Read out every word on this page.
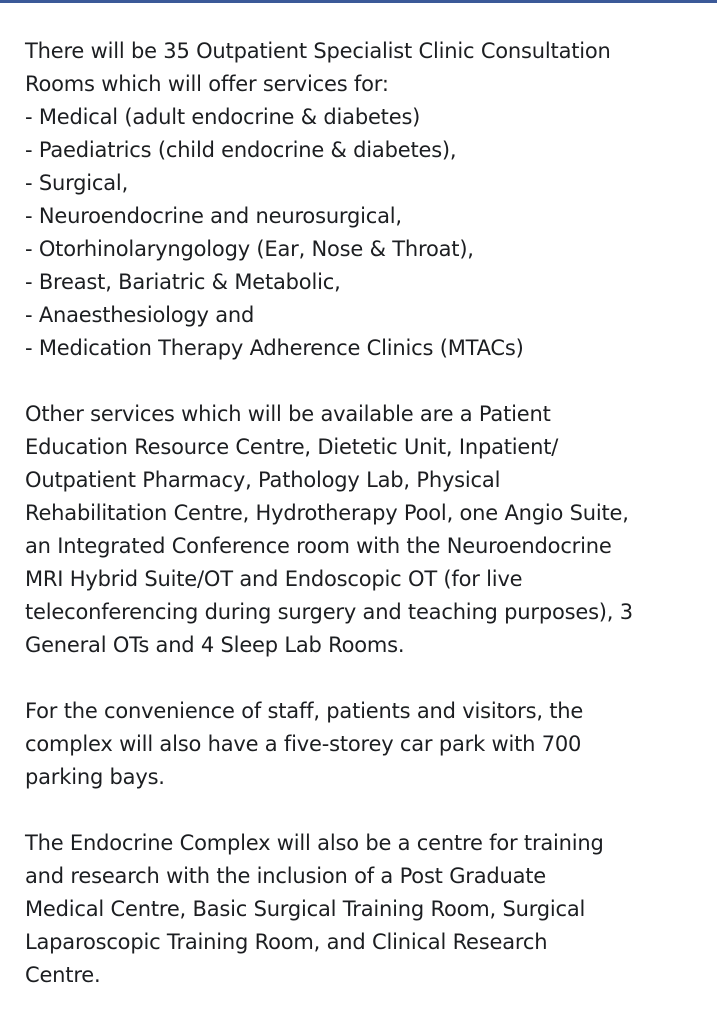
There will be 35 Outpatient Specialist Clinic Consultation
Rooms which will offer services for:
- Medical (adult endocrine & diabetes)
- Paediatrics (child endocrine & diabetes),
- Surgical,
- Neuroendocrine and neurosurgical,
- Otorhinolaryngology (Ear, Nose & Throat),
- Breast, Bariatric & Metabolic,
- Anaesthesiology and
- Medication Therapy Adherence Clinics (MTACs)

Other services which will be available are a Patient
Education Resource Centre, Dietetic Unit, Inpatient/
Outpatient Pharmacy, Pathology Lab, Physical
Rehabilitation Centre, Hydrotherapy Pool, one Angio Suite,
an Integrated Conference room with the Neuroendocrine
MRI Hybrid Suite/OT and Endoscopic OT (for live
teleconferencing during surgery and teaching purposes), 3
General OTs and 4 Sleep Lab Rooms.

For the convenience of staff, patients and visitors, the
complex will also have a five-storey car park with 700
parking bays.

The Endocrine Complex will also be a centre for training
and research with the inclusion of a Post Graduate
Medical Centre, Basic Surgical Training Room, Surgical
Laparoscopic Training Room, and Clinical Research
Centre.
